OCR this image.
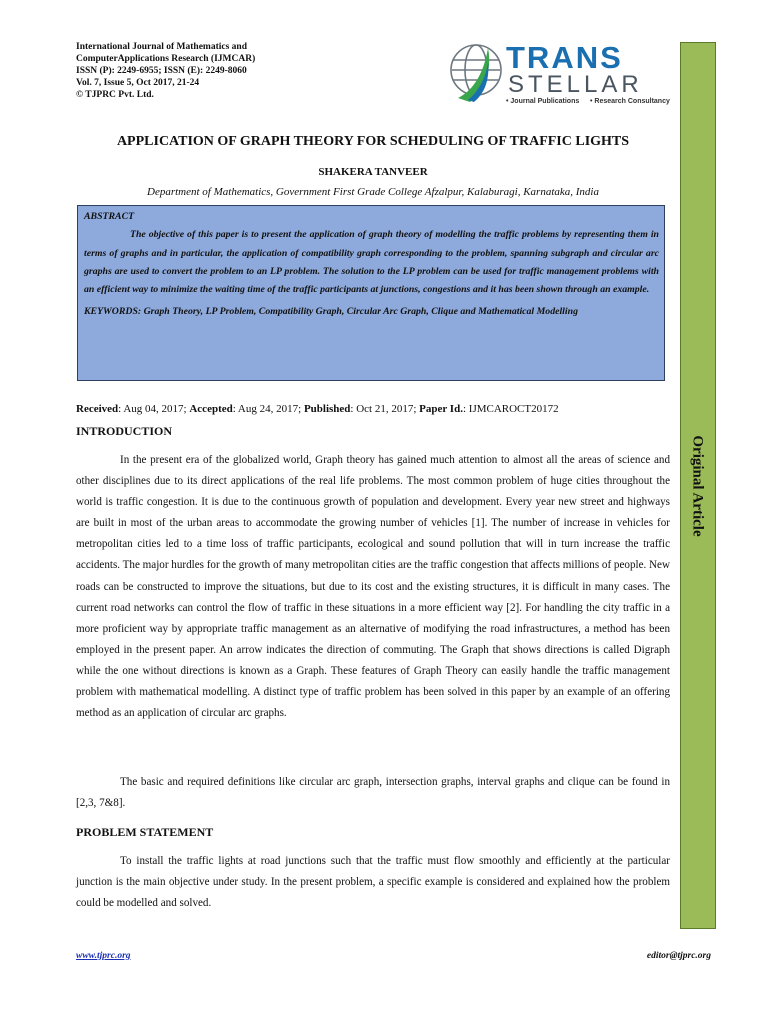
International Journal of Mathematics and
ComputerApplications Research (IJMCAR)
ISSN (P): 2249-6955; ISSN (E): 2249-8060
Vol. 7, Issue 5, Oct 2017, 21-24
© TJPRC Pvt. Ltd.
TRANS
STELLAR
• Journal Publications • Research Consultancy
Original Article
APPLICATION OF GRAPH THEORY FOR SCHEDULING OF TRAFFIC LIGHTS
SHAKERA TANVEER
Department of Mathematics, Government First Grade College Afzalpur, Kalaburagi, Karnataka, India
ABSTRACT

The objective of this paper is to present the application of graph theory of modelling the traffic problems by representing them in terms of graphs and in particular, the application of compatibility graph corresponding to the problem, spanning subgraph and circular arc graphs are used to convert the problem to an LP problem. The solution to the LP problem can be used for traffic management problems with an efficient way to minimize the waiting time of the traffic participants at junctions, congestions and it has been shown through an example.

KEYWORDS: Graph Theory, LP Problem, Compatibility Graph, Circular Arc Graph, Clique and Mathematical Modelling

Received: Aug 04, 2017; Accepted: Aug 24, 2017; Published: Oct 21, 2017; Paper Id.: IJMCAROCT20172
INTRODUCTION

In the present era of the globalized world, Graph theory has gained much attention to almost all the areas of science and other disciplines due to its direct applications of the real life problems. The most common problem of huge cities throughout the world is traffic congestion. It is due to the continuous growth of population and development. Every year new street and highways are built in most of the urban areas to accommodate the growing number of vehicles [1]. The number of increase in vehicles for metropolitan cities led to a time loss of traffic participants, ecological and sound pollution that will in turn increase the traffic accidents. The major hurdles for the growth of many metropolitan cities are the traffic congestion that affects millions of people. New roads can be constructed to improve the situations, but due to its cost and the existing structures, it is difficult in many cases. The current road networks can control the flow of traffic in these situations in a more efficient way [2]. For handling the city traffic in a more proficient way by appropriate traffic management as an alternative of modifying the road infrastructures, a method has been employed in the present paper. An arrow indicates the direction of commuting. The Graph that shows directions is called Digraph while the one without directions is known as a Graph. These features of Graph Theory can easily handle the traffic management problem with mathematical modelling. A distinct type of traffic problem has been solved in this paper by an example of an offering method as an application of circular arc graphs.

The basic and required definitions like circular arc graph, intersection graphs, interval graphs and clique can be found in [2,3, 7&8].

PROBLEM STATEMENT

To install the traffic lights at road junctions such that the traffic must flow smoothly and efficiently at the particular junction is the main objective under study. In the present problem, a specific example is considered and explained how the problem could be modelled and solved.

www.tjprc.org	editor@tjprc.org
